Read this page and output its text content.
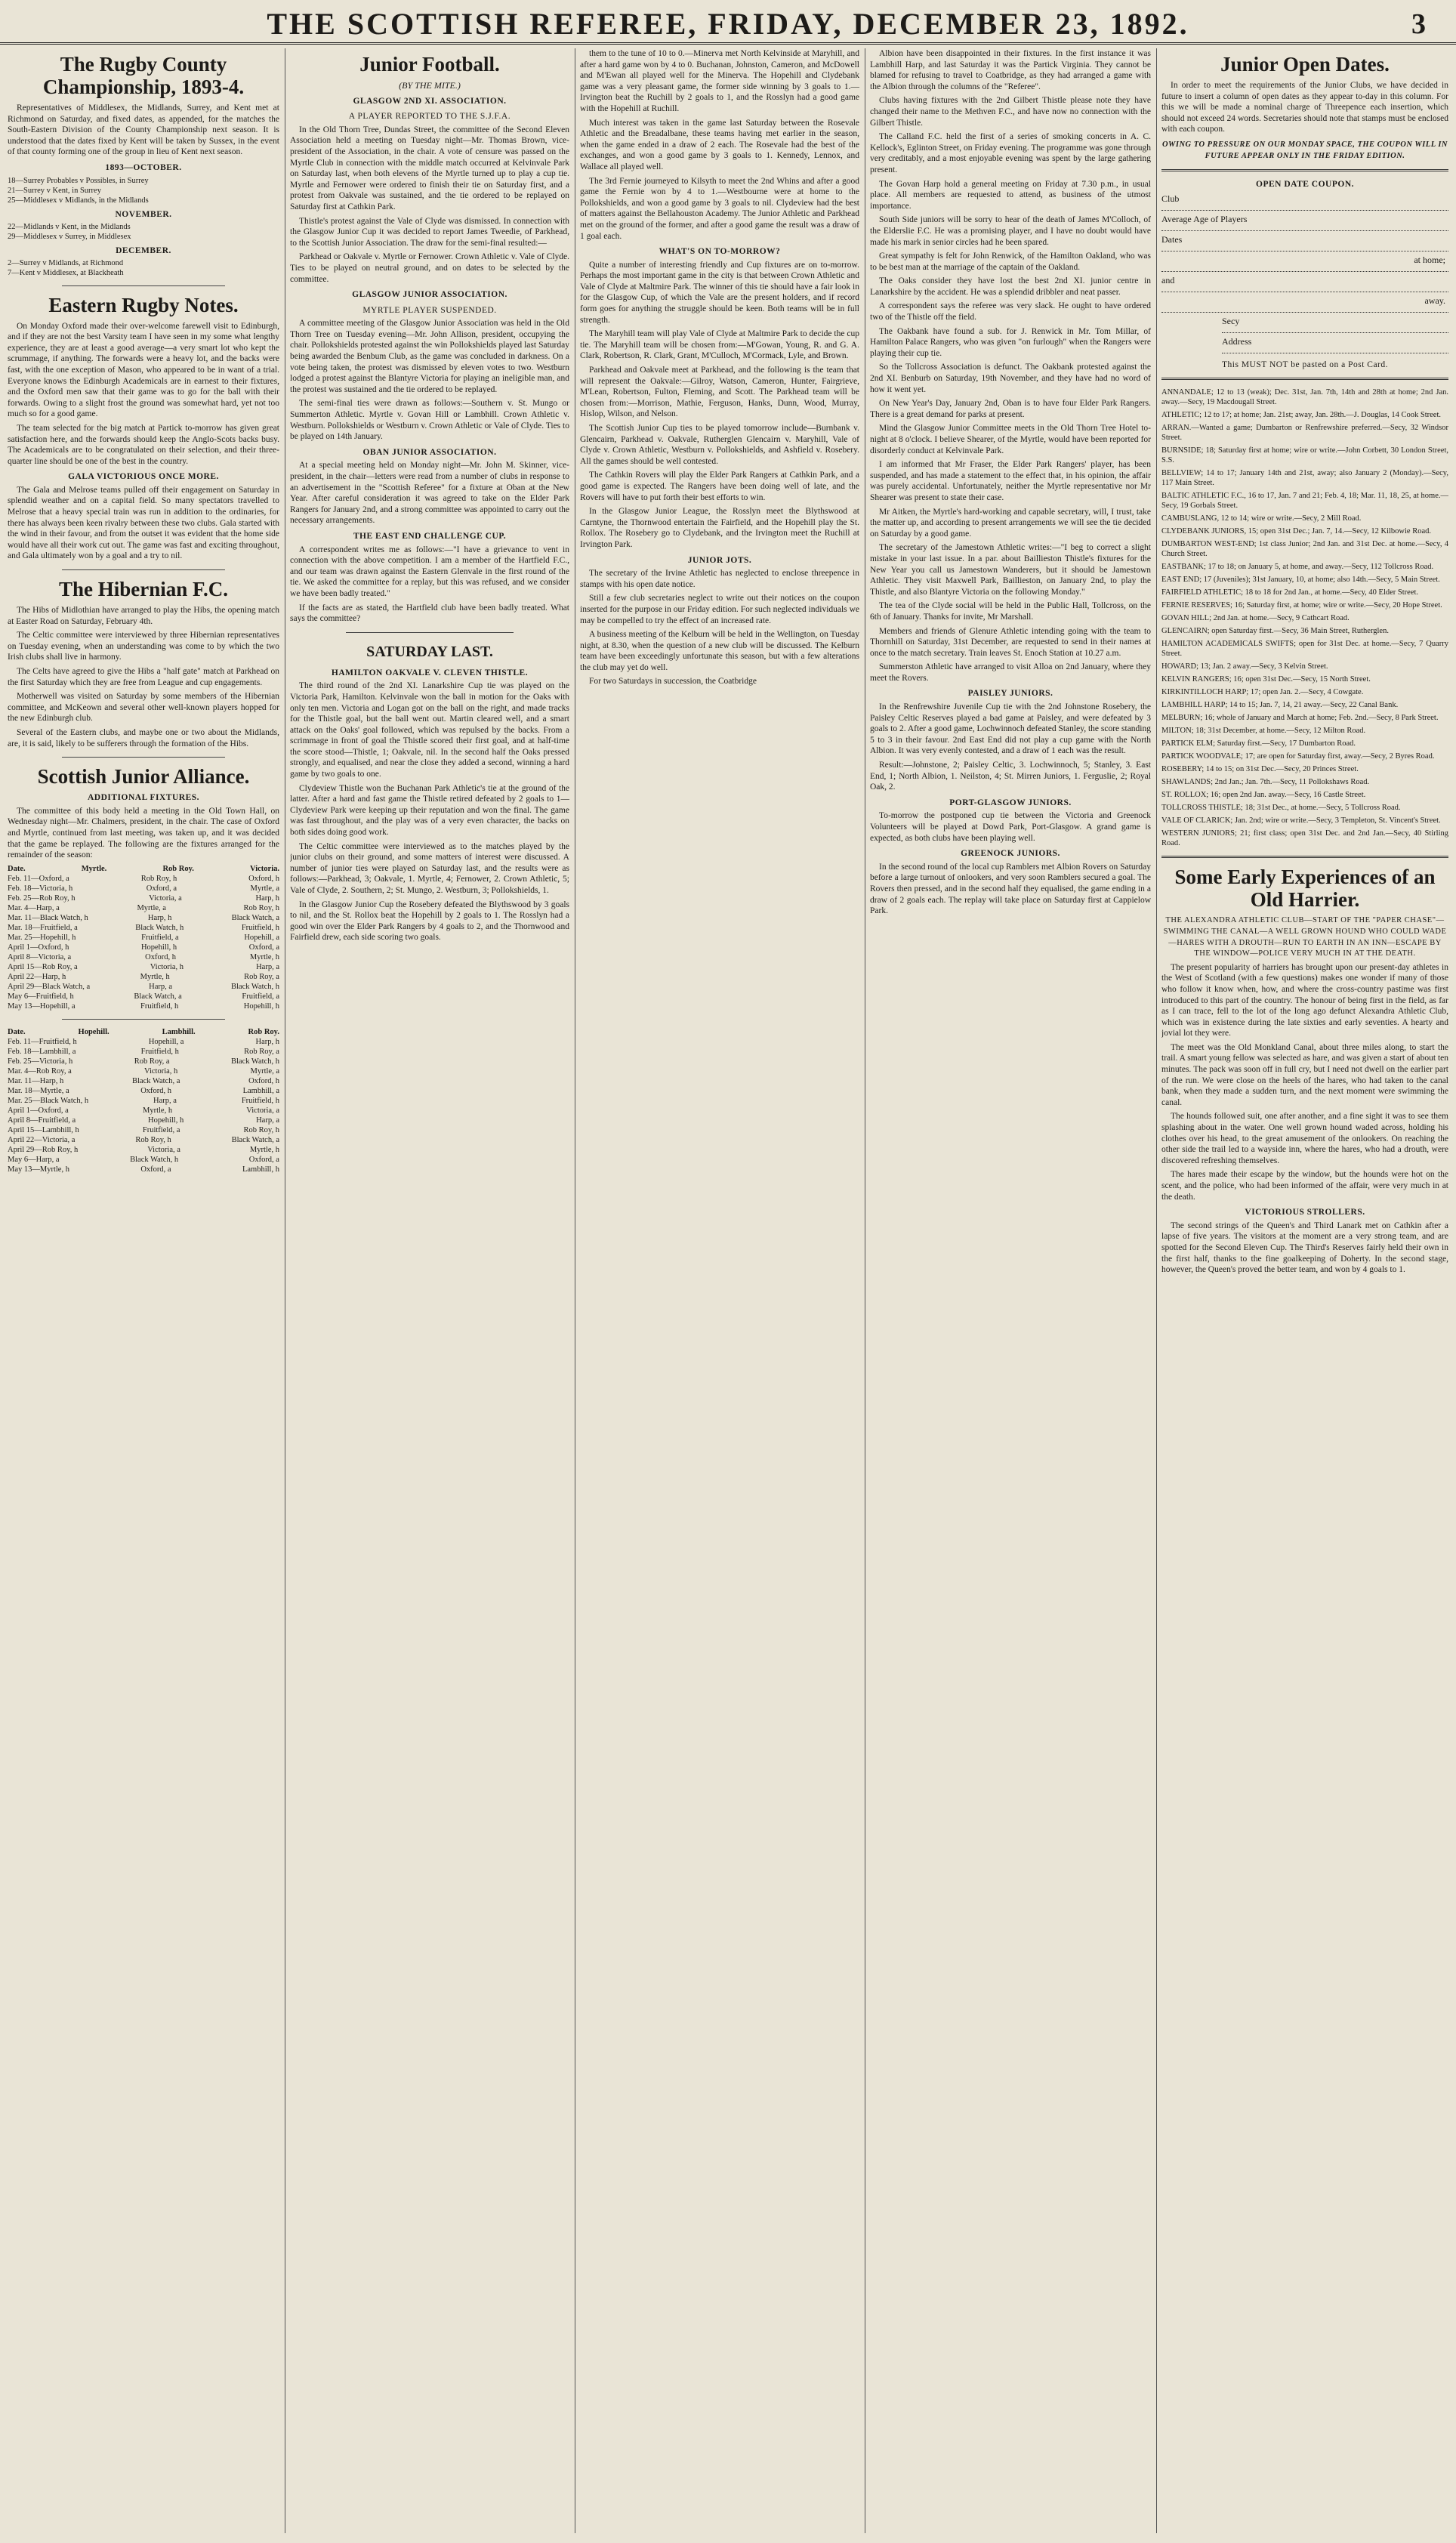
THE SCOTTISH REFEREE, FRIDAY, DECEMBER 23, 1892.	3
The Rugby County Championship, 1893-4.

Representatives of Middlesex, the Midlands, Surrey, and Kent met at Richmond on Saturday, and fixed dates, as appended, for the matches the South-Eastern Division of the County Championship next season. It is understood that the dates fixed by Kent will be taken by Sussex, in the event of that county forming one of the group in lieu of Kent next season.

1893—OCTOBER.
18—Surrey Probables v Possibles, in Surrey
21—Surrey v Kent, in Surrey
25—Middlesex v Midlands, in the Midlands
NOVEMBER.
22—Midlands v Kent, in the Midlands
29—Middlesex v Surrey, in Middlesex
DECEMBER.
2—Surrey v Midlands, at Richmond
7—Kent v Middlesex, at Blackheath
Eastern Rugby Notes.

On Monday Oxford made their over-welcome farewell visit to Edinburgh, and if they are not the best Varsity team I have seen in my some what lengthy experience, they are at least a good average—a very smart lot who kept the scrummage, if anything. The forwards were a heavy lot, and the backs were fast, with the one exception of Mason, who appeared to be in want of a trial. Everyone knows the Edinburgh Academicals are in earnest to their fixtures, and the Oxford men saw that their game was to go for the ball with their forwards. Owing to a slight frost the ground was somewhat hard, yet not too much so for a good game.

The team selected for the big match at Partick to-morrow has given great satisfaction here, and the forwards should keep the Anglo-Scots backs busy. The Academicals are to be congratulated on their selection, and their three-quarter line should be one of the best in the country.

GALA VICTORIOUS ONCE MORE.

The Gala and Melrose teams pulled off their engagement on Saturday in splendid weather and on a capital field. So many spectators travelled to Melrose that a heavy special train was run in addition to the ordinaries, for there has always been keen rivalry between these two clubs. Gala started with the wind in their favour, and from the outset it was evident that the home side would have all their work cut out. The game was fast and exciting throughout, and Gala ultimately won by a goal and a try to nil.

The Hibernian F.C.

The Hibs of Midlothian have arranged to play the Hibs, the opening match at Easter Road on Saturday, February 4th.

The Celtic committee were interviewed by three Hibernian representatives on Tuesday evening, when an understanding was come to by which the two Irish clubs shall live in harmony.

The Celts have agreed to give the Hibs a "half gate" match at Parkhead on the first Saturday which they are free from League and cup engagements.

Motherwell was visited on Saturday by some members of the Hibernian committee, and McKeown and several other well-known players hopped for the new Edinburgh club.

Several of the Eastern clubs, and maybe one or two about the Midlands, are, it is said, likely to be sufferers through the formation of the Hibs.

Scottish Junior Alliance.
ADDITIONAL FIXTURES.

The committee of this body held a meeting in the Old Town Hall, on Wednesday night—Mr. Chalmers, president, in the chair. The case of Oxford and Myrtle, continued from last meeting, was taken up, and it was decided that the game be replayed. The following are the fixtures arranged for the remainder of the season:

Date.	Myrtle.	Rob Roy.	Victoria.
Feb. 11—Oxford, a	Rob Roy, h	Oxford, h
Feb. 18—Victoria, h	Oxford, a	Myrtle, a
Feb. 25—Rob Roy, h	Victoria, a	Harp, h
Mar. 4—Harp, a	Myrtle, a	Rob Roy, h
Mar. 11—Black Watch, h	Harp, h	Black Watch, a
Mar. 18—Fruitfield, a	Black Watch, h	Fruitfield, h
Mar. 25—Hopehill, h	Fruitfield, a	Hopehill, a
April 1—Oxford, h	Hopehill, h	Oxford, a
April 8—Victoria, a	Oxford, h	Myrtle, h
April 15—Rob Roy, a	Victoria, h	Harp, a
April 22—Harp, h	Myrtle, h	Rob Roy, a
April 29—Black Watch, a	Harp, a	Black Watch, h
May 6—Fruitfield, h	Black Watch, a	Fruitfield, a
May 13—Hopehill, a	Fruitfield, h	Hopehill, h
Date.	Hopehill.	Lambhill.	Rob Roy.
Feb. 11—Fruitfield, h	Hopehill, a	Harp, h
Feb. 18—Lambhill, a	Fruitfield, h	Rob Roy, a
Feb. 25—Victoria, h	Rob Roy, a	Black Watch, h
Mar. 4—Rob Roy, a	Victoria, h	Myrtle, a
Mar. 11—Harp, h	Black Watch, a	Oxford, h
Mar. 18—Myrtle, a	Oxford, h	Lambhill, a
Mar. 25—Black Watch, h	Harp, a	Fruitfield, h
April 1—Oxford, a	Myrtle, h	Victoria, a
April 8—Fruitfield, a	Hopehill, h	Harp, a
April 15—Lambhill, h	Fruitfield, a	Rob Roy, h
April 22—Victoria, a	Rob Roy, h	Black Watch, a
April 29—Rob Roy, h	Victoria, a	Myrtle, h
May 6—Harp, a	Black Watch, h	Oxford, a
May 13—Myrtle, h	Oxford, a	Lambhill, h
Junior Football.
(BY THE MITE.)
GLASGOW 2ND XI. ASSOCIATION.
A PLAYER REPORTED TO THE S.J.F.A.

In the Old Thorn Tree, Dundas Street, the committee of the Second Eleven Association held a meeting on Tuesday night—Mr. Thomas Brown, vice-president of the Association, in the chair. A vote of censure was passed on the Myrtle Club in connection with the middle match occurred at Kelvinvale Park on Saturday last, when both elevens of the Myrtle turned up to play a cup tie. Myrtle and Fernower were ordered to finish their tie on Saturday first, and a protest from Oakvale was sustained, and the tie ordered to be replayed on Saturday first at Cathkin Park.

Thistle's protest against the Vale of Clyde was dismissed. In connection with the Glasgow Junior Cup it was decided to report James Tweedie, of Parkhead, to the Scottish Junior Association. The draw for the semi-final resulted:—

Parkhead or Oakvale v. Myrtle or Fernower. Crown Athletic v. Vale of Clyde. Ties to be played on neutral ground, and on dates to be selected by the committee.

GLASGOW JUNIOR ASSOCIATION.
MYRTLE PLAYER SUSPENDED.

A committee meeting of the Glasgow Junior Association was held in the Old Thorn Tree on Tuesday evening—Mr. John Allison, president, occupying the chair. Pollokshields protested against the win Pollokshields played last Saturday being awarded the Benbum Club, as the game was concluded in darkness. On a vote being taken, the protest was dismissed by eleven votes to two. Westburn lodged a protest against the Blantyre Victoria for playing an ineligible man, and the protest was sustained and the tie ordered to be replayed.

The semi-final ties were drawn as follows:—Southern v. St. Mungo or Summerton Athletic. Myrtle v. Govan Hill or Lambhill. Crown Athletic v. Westburn. Pollokshields or Westburn v. Crown Athletic or Vale of Clyde. Ties to be played on 14th January.

OBAN JUNIOR ASSOCIATION.

At a special meeting held on Monday night—Mr. John M. Skinner, vice-president, in the chair—letters were read from a number of clubs in response to an advertisement in the "Scottish Referee" for a fixture at Oban at the New Year. After careful consideration it was agreed to take on the Elder Park Rangers for January 2nd, and a strong committee was appointed to carry out the necessary arrangements.

THE EAST END CHALLENGE CUP.

A correspondent writes me as follows:—"I have a grievance to vent in connection with the above competition. I am a member of the Hartfield F.C., and our team was drawn against the Eastern Glenvale in the first round of the tie. We asked the committee for a replay, but this was refused, and we consider we have been badly treated."

If the facts are as stated, the Hartfield club have been badly treated. What says the committee?

SATURDAY LAST.
HAMILTON OAKVALE V. CLEVEN THISTLE.

The third round of the 2nd XI. Lanarkshire Cup tie was played on the Victoria Park, Hamilton. Kelvinvale won the ball in motion for the Oaks with only ten men. Victoria and Logan got on the ball on the right, and made tracks for the Thistle goal, but the ball went out. Martin cleared well, and a smart attack on the Oaks' goal followed, which was repulsed by the backs. From a scrimmage in front of goal the Thistle scored their first goal, and at half-time the score stood—Thistle, 1; Oakvale, nil. In the second half the Oaks pressed strongly, and equalised, and near the close they added a second, winning a hard game by two goals to one.

Clydeview Thistle won the Buchanan Park Athletic's tie at the ground of the latter. After a hard and fast game the Thistle retired defeated by 2 goals to 1—Clydeview Park were keeping up their reputation and won the final. The game was fast throughout, and the play was of a very even character, the backs on both sides doing good work.

The Celtic committee were interviewed as to the matches played by the junior clubs on their ground, and some matters of interest were discussed. A number of junior ties were played on Saturday last, and the results were as follows:—Parkhead, 3; Oakvale, 1. Myrtle, 4; Fernower, 2. Crown Athletic, 5; Vale of Clyde, 2. Southern, 2; St. Mungo, 2. Westburn, 3; Pollokshields, 1.

In the Glasgow Junior Cup the Rosebery defeated the Blythswood by 3 goals to nil, and the St. Rollox beat the Hopehill by 2 goals to 1. The Rosslyn had a good win over the Elder Park Rangers by 4 goals to 2, and the Thornwood and Fairfield drew, each side scoring two goals.

them to the tune of 10 to 0.—Minerva met North Kelvinside at Maryhill, and after a hard game won by 4 to 0. Buchanan, Johnston, Cameron, and McDowell and M'Ewan all played well for the Minerva. The Hopehill and Clydebank game was a very pleasant game, the former side winning by 3 goals to 1.—Irvington beat the Ruchill by 2 goals to 1, and the Rosslyn had a good game with the Hopehill at Ruchill.

Much interest was taken in the game last Saturday between the Rosevale Athletic and the Breadalbane, these teams having met earlier in the season, when the game ended in a draw of 2 each. The Rosevale had the best of the exchanges, and won a good game by 3 goals to 1. Kennedy, Lennox, and Wallace all played well.

The 3rd Fernie journeyed to Kilsyth to meet the 2nd Whins and after a good game the Fernie won by 4 to 1.—Westbourne were at home to the Pollokshields, and won a good game by 3 goals to nil. Clydeview had the best of matters against the Bellahouston Academy. The Junior Athletic and Parkhead met on the ground of the former, and after a good game the result was a draw of 1 goal each.

WHAT'S ON TO-MORROW?

Quite a number of interesting friendly and Cup fixtures are on to-morrow. Perhaps the most important game in the city is that between Crown Athletic and Vale of Clyde at Maltmire Park. The winner of this tie should have a fair look in for the Glasgow Cup, of which the Vale are the present holders, and if record form goes for anything the struggle should be keen. Both teams will be in full strength.

The Maryhill team will play Vale of Clyde at Maltmire Park to decide the cup tie. The Maryhill team will be chosen from:—M'Gowan, Young, R. and G. A. Clark, Robertson, R. Clark, Grant, M'Culloch, M'Cormack, Lyle, and Brown.

Parkhead and Oakvale meet at Parkhead, and the following is the team that will represent the Oakvale:—Gilroy, Watson, Cameron, Hunter, Fairgrieve, M'Lean, Robertson, Fulton, Fleming, and Scott. The Parkhead team will be chosen from:—Morrison, Mathie, Ferguson, Hanks, Dunn, Wood, Murray, Hislop, Wilson, and Nelson.

The Scottish Junior Cup ties to be played tomorrow include—Burnbank v. Glencairn, Parkhead v. Oakvale, Rutherglen Glencairn v. Maryhill, Vale of Clyde v. Crown Athletic, Westburn v. Pollokshields, and Ashfield v. Rosebery. All the games should be well contested.

The Cathkin Rovers will play the Elder Park Rangers at Cathkin Park, and a good game is expected. The Rangers have been doing well of late, and the Rovers will have to put forth their best efforts to win.

In the Glasgow Junior League, the Rosslyn meet the Blythswood at Carntyne, the Thornwood entertain the Fairfield, and the Hopehill play the St. Rollox. The Rosebery go to Clydebank, and the Irvington meet the Ruchill at Irvington Park.

JUNIOR JOTS.

The secretary of the Irvine Athletic has neglected to enclose threepence in stamps with his open date notice.

Still a few club secretaries neglect to write out their notices on the coupon inserted for the purpose in our Friday edition. For such neglected individuals we may be compelled to try the effect of an increased rate.

A business meeting of the Kelburn will be held in the Wellington, on Tuesday night, at 8.30, when the question of a new club will be discussed. The Kelburn team have been exceedingly unfortunate this season, but with a few alterations the club may yet do well.

For two Saturdays in succession, the Coatbridge

Albion have been disappointed in their fixtures. In the first instance it was Lambhill Harp, and last Saturday it was the Partick Virginia. They cannot be blamed for refusing to travel to Coatbridge, as they had arranged a game with the Albion through the columns of the "Referee".

Clubs having fixtures with the 2nd Gilbert Thistle please note they have changed their name to the Methven F.C., and have now no connection with the Gilbert Thistle.

The Calland F.C. held the first of a series of smoking concerts in A. C. Kellock's, Eglinton Street, on Friday evening. The programme was gone through very creditably, and a most enjoyable evening was spent by the large gathering present.

The Govan Harp hold a general meeting on Friday at 7.30 p.m., in usual place. All members are requested to attend, as business of the utmost importance.

South Side juniors will be sorry to hear of the death of James M'Colloch, of the Elderslie F.C. He was a promising player, and I have no doubt would have made his mark in senior circles had he been spared.

Great sympathy is felt for John Renwick, of the Hamilton Oakland, who was to be best man at the marriage of the captain of the Oakland.

The Oaks consider they have lost the best 2nd XI. junior centre in Lanarkshire by the accident. He was a splendid dribbler and neat passer.

A correspondent says the referee was very slack. He ought to have ordered two of the Thistle off the field.

The Oakbank have found a sub. for J. Renwick in Mr. Tom Millar, of Hamilton Palace Rangers, who was given "on furlough" when the Rangers were playing their cup tie.

So the Tollcross Association is defunct. The Oakbank protested against the 2nd XI. Benburb on Saturday, 19th November, and they have had no word of how it went yet.

On New Year's Day, January 2nd, Oban is to have four Elder Park Rangers. There is a great demand for parks at present.

Mind the Glasgow Junior Committee meets in the Old Thorn Tree Hotel to-night at 8 o'clock. I believe Shearer, of the Myrtle, would have been reported for disorderly conduct at Kelvinvale Park.

I am informed that Mr Fraser, the Elder Park Rangers' player, has been suspended, and has made a statement to the effect that, in his opinion, the affair was purely accidental. Unfortunately, neither the Myrtle representative nor Mr Shearer was present to state their case.

Mr Aitken, the Myrtle's hard-working and capable secretary, will, I trust, take the matter up, and according to present arrangements we will see the tie decided on Saturday by a good game.

The secretary of the Jamestown Athletic writes:—"I beg to correct a slight mistake in your last issue. In a par. about Baillieston Thistle's fixtures for the New Year you call us Jamestown Wanderers, but it should be Jamestown Athletic. They visit Maxwell Park, Baillieston, on January 2nd, to play the Thistle, and also Blantyre Victoria on the following Monday."

The tea of the Clyde social will be held in the Public Hall, Tollcross, on the 6th of January. Thanks for invite, Mr Marshall.

Members and friends of Glenure Athletic intending going with the team to Thornhill on Saturday, 31st December, are requested to send in their names at once to the match secretary. Train leaves St. Enoch Station at 10.27 a.m.

Summerston Athletic have arranged to visit Alloa on 2nd January, where they meet the Rovers.

PAISLEY JUNIORS.

In the Renfrewshire Juvenile Cup tie with the 2nd Johnstone Rosebery, the Paisley Celtic Reserves played a bad game at Paisley, and were defeated by 3 goals to 2. After a good game, Lochwinnoch defeated Stanley, the score standing 5 to 3 in their favour. 2nd East End did not play a cup game with the North Albion. It was very evenly contested, and a draw of 1 each was the result.

Result:—Johnstone, 2; Paisley Celtic, 3. Lochwinnoch, 5; Stanley, 3. East End, 1; North Albion, 1. Neilston, 4; St. Mirren Juniors, 1. Ferguslie, 2; Royal Oak, 2.

PORT-GLASGOW JUNIORS.

To-morrow the postponed cup tie between the Victoria and Greenock Volunteers will be played at Dowd Park, Port-Glasgow. A grand game is expected, as both clubs have been playing well.

GREENOCK JUNIORS.

In the second round of the local cup Ramblers met Albion Rovers on Saturday before a large turnout of onlookers, and very soon Ramblers secured a goal. The Rovers then pressed, and in the second half they equalised, the game ending in a draw of 2 goals each. The replay will take place on Saturday first at Cappielow Park.

Junior Open Dates.

In order to meet the requirements of the Junior Clubs, we have decided in future to insert a column of open dates as they appear to-day in this column. For this we will be made a nominal charge of Threepence each insertion, which should not exceed 24 words. Secretaries should note that stamps must be enclosed with each coupon.

OWING TO PRESSURE ON OUR MONDAY SPACE, THE COUPON WILL IN FUTURE APPEAR ONLY IN THE FRIDAY EDITION.
OPEN DATE COUPON.
Club
Average Age of Players
Dates
at home;
and
away.
Secy
Address
This MUST NOT be pasted on a Post Card.

ANNANDALE; 12 to 13 (weak); Dec. 31st, Jan. 7th, 14th and 28th at home; 2nd Jan. away.—Secy, 19 Macdougall Street.

ATHLETIC; 12 to 17; at home; Jan. 21st; away, Jan. 28th.—J. Douglas, 14 Cook Street.

ARRAN.—Wanted a game; Dumbarton or Renfrewshire preferred.—Secy, 32 Windsor Street.

BURNSIDE; 18; Saturday first at home; wire or write.—John Corbett, 30 London Street, S.S.

BELLVIEW; 14 to 17; January 14th and 21st, away; also January 2 (Monday).—Secy, 117 Main Street.

BALTIC ATHLETIC F.C., 16 to 17, Jan. 7 and 21; Feb. 4, 18; Mar. 11, 18, 25, at home.—Secy, 19 Gorbals Street.

CAMBUSLANG, 12 to 14; wire or write.—Secy, 2 Mill Road.

CLYDEBANK JUNIORS, 15; open 31st Dec.; Jan. 7, 14.—Secy, 12 Kilbowie Road.

DUMBARTON WEST-END; 1st class Junior; 2nd Jan. and 31st Dec. at home.—Secy, 4 Church Street.

EASTBANK; 17 to 18; on January 5, at home, and away.—Secy, 112 Tollcross Road.

EAST END; 17 (Juveniles); 31st January, 10, at home; also 14th.—Secy, 5 Main Street.

FAIRFIELD ATHLETIC; 18 to 18 for 2nd Jan., at home.—Secy, 40 Elder Street.

FERNIE RESERVES; 16; Saturday first, at home; wire or write.—Secy, 20 Hope Street.

GOVAN HILL; 2nd Jan. at home.—Secy, 9 Cathcart Road.

GLENCAIRN; open Saturday first.—Secy, 36 Main Street, Rutherglen.

HAMILTON ACADEMICALS SWIFTS; open for 31st Dec. at home.—Secy, 7 Quarry Street.

HOWARD; 13; Jan. 2 away.—Secy, 3 Kelvin Street.

KELVIN RANGERS; 16; open 31st Dec.—Secy, 15 North Street.

KIRKINTILLOCH HARP; 17; open Jan. 2.—Secy, 4 Cowgate.

LAMBHILL HARP; 14 to 15; Jan. 7, 14, 21 away.—Secy, 22 Canal Bank.

MELBURN; 16; whole of January and March at home; Feb. 2nd.—Secy, 8 Park Street.

MILTON; 18; 31st December, at home.—Secy, 12 Milton Road.

PARTICK ELM; Saturday first.—Secy, 17 Dumbarton Road.

PARTICK WOODVALE; 17; are open for Saturday first, away.—Secy, 2 Byres Road.

ROSEBERY; 14 to 15; on 31st Dec.—Secy, 20 Princes Street.

SHAWLANDS; 2nd Jan.; Jan. 7th.—Secy, 11 Pollokshaws Road.

ST. ROLLOX; 16; open 2nd Jan. away.—Secy, 16 Castle Street.

TOLLCROSS THISTLE; 18; 31st Dec., at home.—Secy, 5 Tollcross Road.

VALE OF CLARICK; Jan. 2nd; wire or write.—Secy, 3 Templeton, St. Vincent's Street.

WESTERN JUNIORS; 21; first class; open 31st Dec. and 2nd Jan.—Secy, 40 Stirling Road.

Some Early Experiences of an Old Harrier.
THE ALEXANDRA ATHLETIC CLUB—START OF THE "PAPER CHASE"—SWIMMING THE CANAL—A WELL GROWN HOUND WHO COULD WADE—HARES WITH A DROUTH—RUN TO EARTH IN AN INN—ESCAPE BY THE WINDOW—POLICE VERY MUCH IN AT THE DEATH.

The present popularity of harriers has brought upon our present-day athletes in the West of Scotland (with a few questions) makes one wonder if many of those who follow it know when, how, and where the cross-country pastime was first introduced to this part of the country. The honour of being first in the field, as far as I can trace, fell to the lot of the long ago defunct Alexandra Athletic Club, which was in existence during the late sixties and early seventies. A hearty and jovial lot they were.

The meet was the Old Monkland Canal, about three miles along, to start the trail. A smart young fellow was selected as hare, and was given a start of about ten minutes. The pack was soon off in full cry, but I need not dwell on the earlier part of the run. We were close on the heels of the hares, who had taken to the canal bank, when they made a sudden turn, and the next moment were swimming the canal.

The hounds followed suit, one after another, and a fine sight it was to see them splashing about in the water. One well grown hound waded across, holding his clothes over his head, to the great amusement of the onlookers. On reaching the other side the trail led to a wayside inn, where the hares, who had a drouth, were discovered refreshing themselves.

The hares made their escape by the window, but the hounds were hot on the scent, and the police, who had been informed of the affair, were very much in at the death.

VICTORIOUS STROLLERS.

The second strings of the Queen's and Third Lanark met on Cathkin after a lapse of five years. The visitors at the moment are a very strong team, and are spotted for the Second Eleven Cup. The Third's Reserves fairly held their own in the first half, thanks to the fine goalkeeping of Doherty. In the second stage, however, the Queen's proved the better team, and won by 4 goals to 1.
